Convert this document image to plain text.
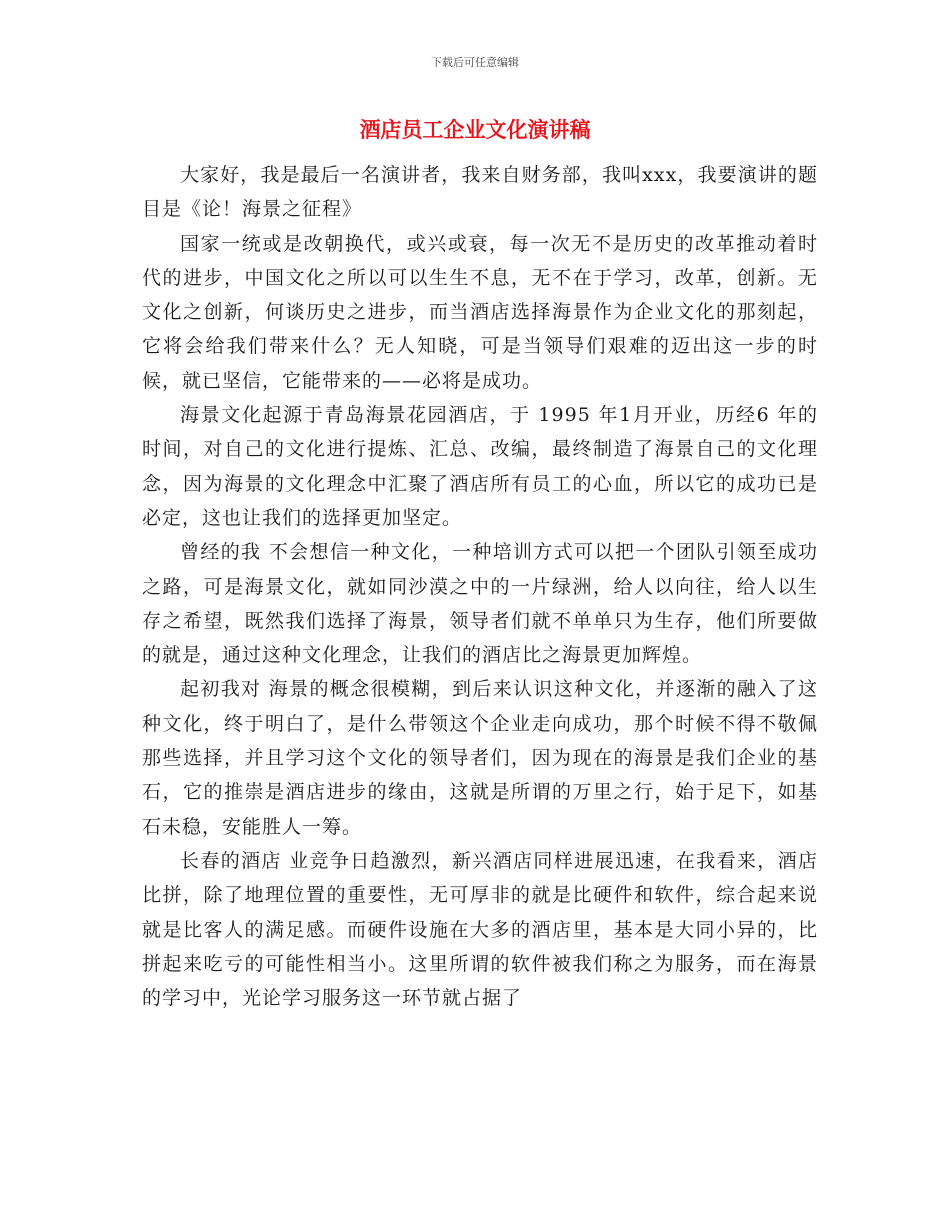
下载后可任意编辑
酒店员工企业文化演讲稿

大家好，我是最后一名演讲者，我来自财务部，我叫xxx，我要演讲的题目是《论！海景之征程》

国家一统或是改朝换代，或兴或衰，每一次无不是历史的改革推动着时代的进步，中国文化之所以可以生生不息，无不在于学习，改革，创新。无文化之创新，何谈历史之进步，而当酒店选择海景作为企业文化的那刻起，它将会给我们带来什么？无人知晓，可是当领导们艰难的迈出这一步的时候，就已坚信，它能带来的——必将是成功。

海景文化起源于青岛海景花园酒店，于 1995 年1月开业，历经6 年的时间，对自己的文化进行提炼、汇总、改编，最终制造了海景自己的文化理念，因为海景的文化理念中汇聚了酒店所有员工的心血，所以它的成功已是必定，这也让我们的选择更加坚定。

曾经的我 不会想信一种文化，一种培训方式可以把一个团队引领至成功之路，可是海景文化，就如同沙漠之中的一片绿洲，给人以向往，给人以生存之希望，既然我们选择了海景，领导者们就不单单只为生存，他们所要做的就是，通过这种文化理念，让我们的酒店比之海景更加辉煌。

起初我对 海景的概念很模糊，到后来认识这种文化，并逐渐的融入了这种文化，终于明白了，是什么带领这个企业走向成功，那个时候不得不敬佩那些选择，并且学习这个文化的领导者们，因为现在的海景是我们企业的基石，它的推崇是酒店进步的缘由，这就是所谓的万里之行，始于足下，如基石未稳，安能胜人一筹。

长春的酒店 业竞争日趋激烈，新兴酒店同样进展迅速，在我看来，酒店比拼，除了地理位置的重要性，无可厚非的就是比硬件和软件，综合起来说就是比客人的满足感。而硬件设施在大多的酒店里，基本是大同小异的，比拼起来吃亏的可能性相当小。这里所谓的软件被我们称之为服务，而在海景的学习中，光论学习服务这一环节就占据了
